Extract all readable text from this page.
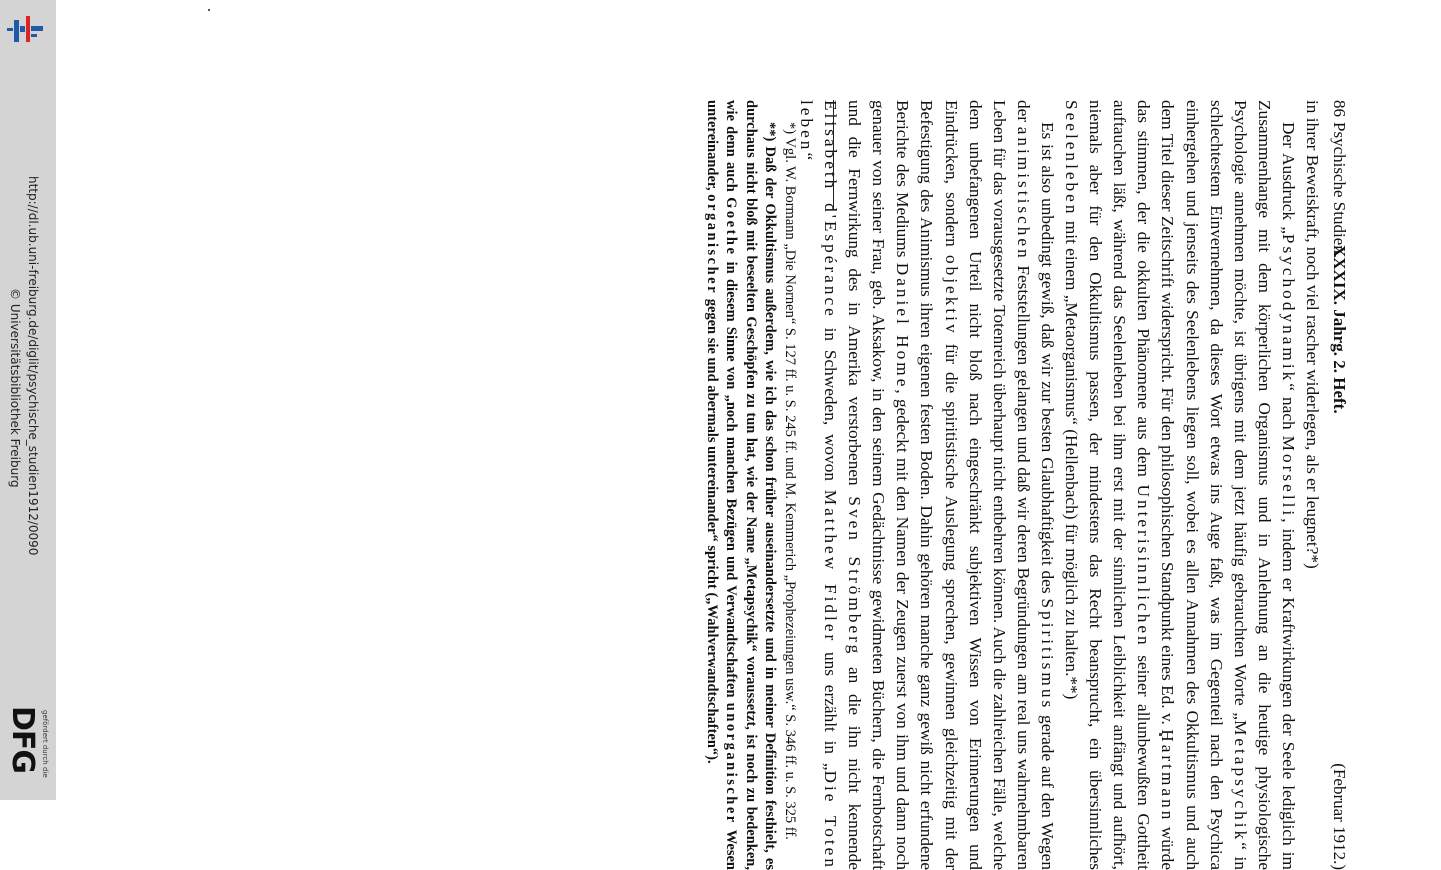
http://dl.ub.uni-freiburg.de/diglit/psychische_studien1912/0090
© Universitätsbibliothek Freiburg
gefördert durch die
DFG
86
Psychische Studien.
XXXIX. Jahrg. 2. Heft.
(Februar 1912.)

in ihrer Beweiskraft, noch viel rascher widerlegen, als er leugnet?*)

Der Ausdruck „Psychodynamik“ nach Morselli, indem er Kraftwirkungen der Seele lediglich im Zusammenhange mit dem körperlichen Organismus und in Anlehnung an die heutige physiologische Psychologie annehmen möchte, ist übrigens mit dem jetzt häufig gebrauchten Worte „Metapsychik“ in schlechtestem Einvernehmen, da dieses Wort etwas ins Auge faßt, was im Gegenteil nach den Psychica einhergehen und jenseits des Seelenlebens liegen soll, wobei es allen Annahmen des Okkultismus und auch dem Titel dieser Zeitschrift widerspricht. Für den philosophischen Standpunkt eines Ed. v. Hartmann würde das stimmen, der die okkulten Phänomene aus dem Unterisinnlichen seiner allunbewußten Gottheit auftauchen läßt, während das Seelenleben bei ihm erst mit der sinnlichen Leiblichkeit anfängt und aufhört, niemals aber für den Okkultismus passen, der mindestens das Recht beansprucht, ein übersinnliches Seelenleben mit einem „Metaorganismus“ (Hellenbach) für möglich zu halten.**)

Es ist also unbedingt gewiß, daß wir zur besten Glaubhaftigkeit des Spiritismus gerade auf den Wegen der animistischen Feststellungen gelangen und daß wir deren Begründungen am real uns wahrnehmbaren Leben für das vorausgesetzte Totenreich überhaupt nicht entbehren können. Auch die zahlreichen Fälle, welche dem unbefangenen Urteil nicht bloß nach eingeschränkt subjektiven Wissen von Erinnerungen und Eindrücken, sondern objektiv für die spiritistische Auslegung sprechen, gewinnen gleichzeitig mit der Befestigung des Animismus ihren eigenen festen Boden. Dahin gehören manche ganz gewiß nicht erfundene Berichte des Mediums Daniel Home, gedeckt mit den Namen der Zeugen zuerst von ihm und dann noch genauer von seiner Frau, geb. Aksakow, in den seinem Gedächtnisse gewidmeten Büchern, die Fernbotschaft und die Fernwirkung des in Amerika verstorbenen Sven Strömberg an die ihn nicht kennende Elisabeth d'Espérance in Schweden, wovon Matthew Fidler uns erzählt in „Die Toten leben“

*) Vgl. W. Bormann „Die Nornen“ S. 127 ff. u. S. 245 ff. und M. Kemmerich „Prophezeiungen usw.“ S. 346 ff. u. S. 325 ff.

**) Daß der Okkultismus außerdem, wie ich das schon früher auseinandersetzte und in meiner Definition festhielt, es durchaus nicht bloß mit beseelten Geschöpfen zu tun hat, wie der Name „Metapsychik“ voraussetzt, ist noch zu bedenken, wie denn auch Goethe in diesem Sinne von „noch manchen Bezügen und Verwandtschaften unorganischer Wesen untereinander, organischer gegen sie und abermals untereinander“ spricht („Wahlverwandtschaften“).
